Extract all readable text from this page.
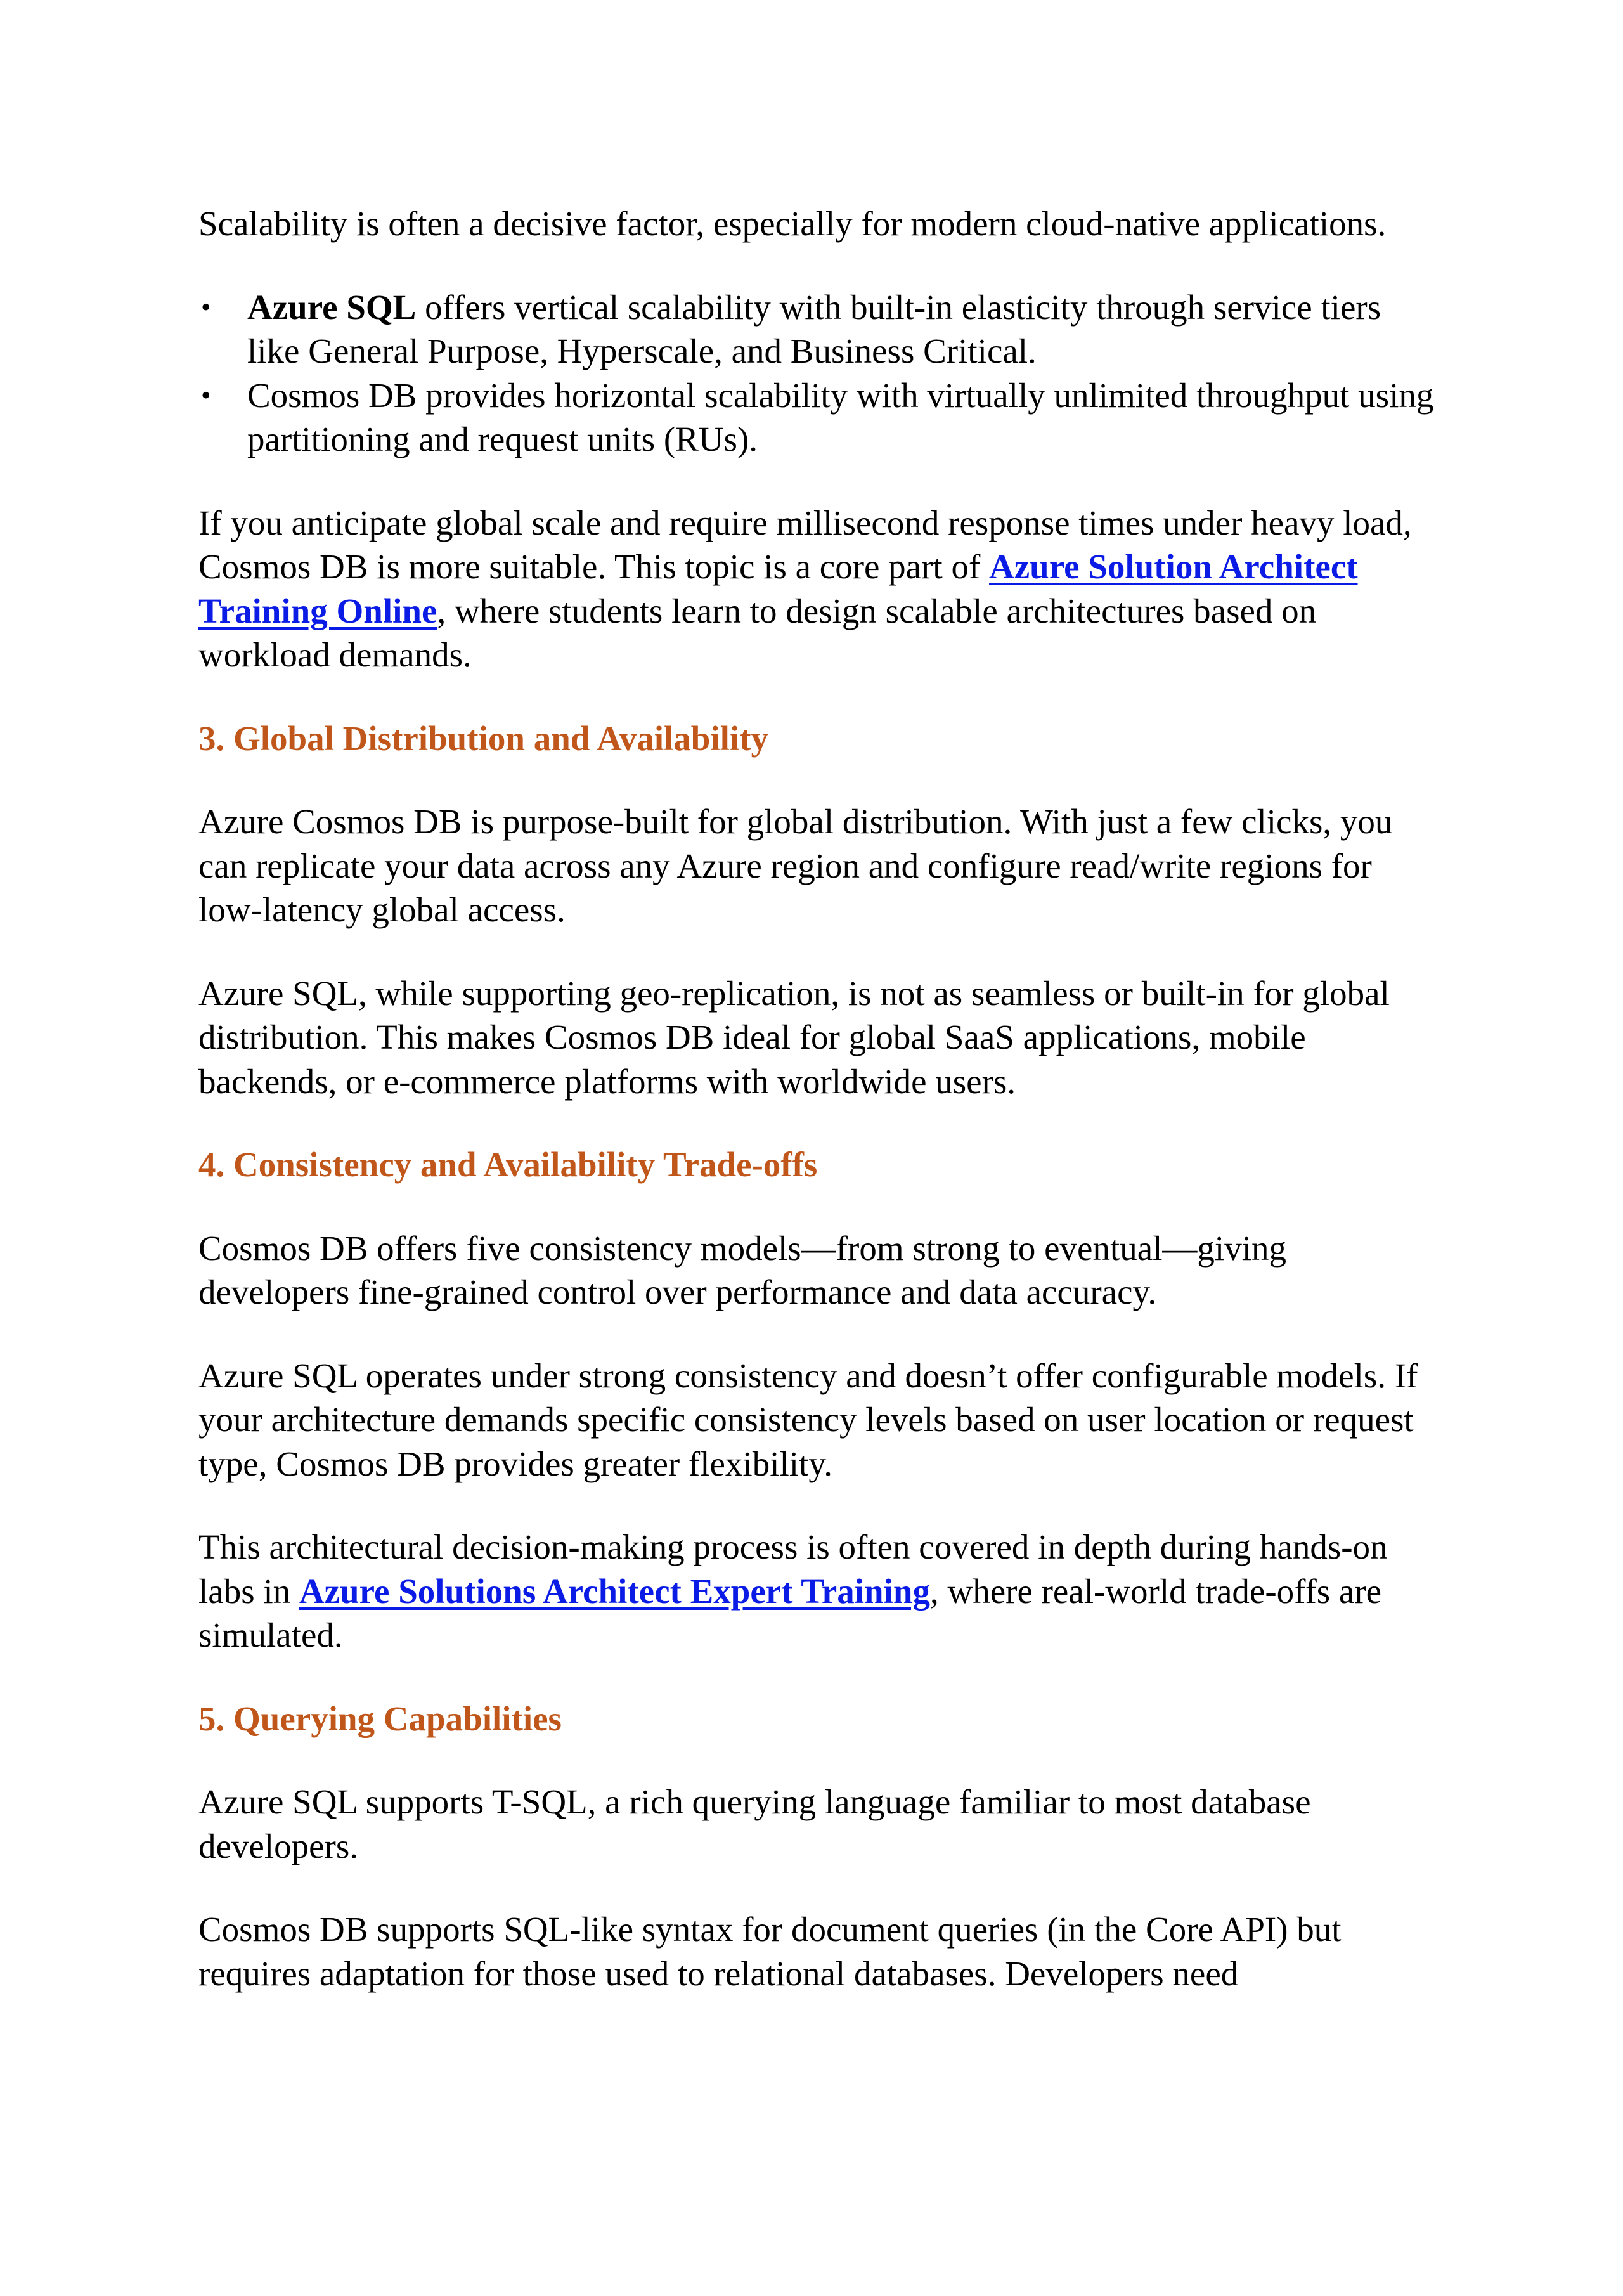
Scalability is often a decisive factor, especially for modern cloud-native applications.

• Azure SQL offers vertical scalability with built-in elasticity through service tiers like General Purpose, Hyperscale, and Business Critical.
• Cosmos DB provides horizontal scalability with virtually unlimited throughput using partitioning and request units (RUs).

If you anticipate global scale and require millisecond response times under heavy load, Cosmos DB is more suitable. This topic is a core part of Azure Solution Architect Training Online, where students learn to design scalable architectures based on workload demands.

3. Global Distribution and Availability

Azure Cosmos DB is purpose-built for global distribution. With just a few clicks, you can replicate your data across any Azure region and configure read/write regions for low-latency global access.

Azure SQL, while supporting geo-replication, is not as seamless or built-in for global distribution. This makes Cosmos DB ideal for global SaaS applications, mobile backends, or e-commerce platforms with worldwide users.

4. Consistency and Availability Trade-offs

Cosmos DB offers five consistency models—from strong to eventual—giving developers fine-grained control over performance and data accuracy.

Azure SQL operates under strong consistency and doesn’t offer configurable models. If your architecture demands specific consistency levels based on user location or request type, Cosmos DB provides greater flexibility.

This architectural decision-making process is often covered in depth during hands-on labs in Azure Solutions Architect Expert Training, where real-world trade-offs are simulated.

5. Querying Capabilities

Azure SQL supports T-SQL, a rich querying language familiar to most database developers.

Cosmos DB supports SQL-like syntax for document queries (in the Core API) but requires adaptation for those used to relational databases. Developers need
